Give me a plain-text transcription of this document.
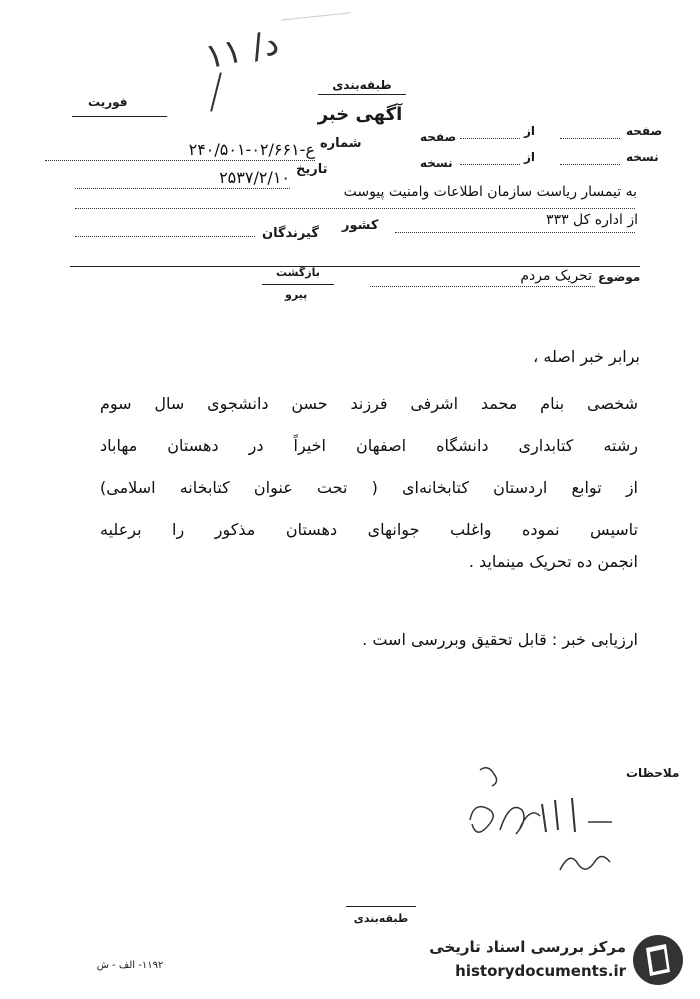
د/ ۱۱
طبقه‌بندی
آگهی خبر
فوریت
صفحه
از
صفحه
نسخه
از
نسخه
شماره
۲۴۰/۵۰۱-۰۲/۶۶۱-ع
تاریخ
۲۵۳۷/۲/۱۰
به تیمسار ریاست سازمان اطلاعات وامنیت پیوست
از اداره کل ۳۳۳
کشور
گیرندگان
موضوع
تحریک مردم
بازگشت
پیرو
برابر خبر اصله ،
شخصی بنام محمد اشرفی فرزند حسن دانشجوی سال سوم
رشته کتابداری دانشگاه اصفهان اخیراً در دهستان مهاباد
از توابع اردستان کتابخانه‌ای ( تحت عنوان کتابخانه اسلامی)
تاسیس نموده واغلب جوانهای دهستان مذکور را برعلیه
انجمن ده تحریک مینماید .
ارزیابی خبر : قابل تحقیق وبررسی است .
ملاحظات
طبقه‌بندی
۱۱۹۲- الف - ش
مرکز بررسی اسناد تاریخی
historydocuments.ir
